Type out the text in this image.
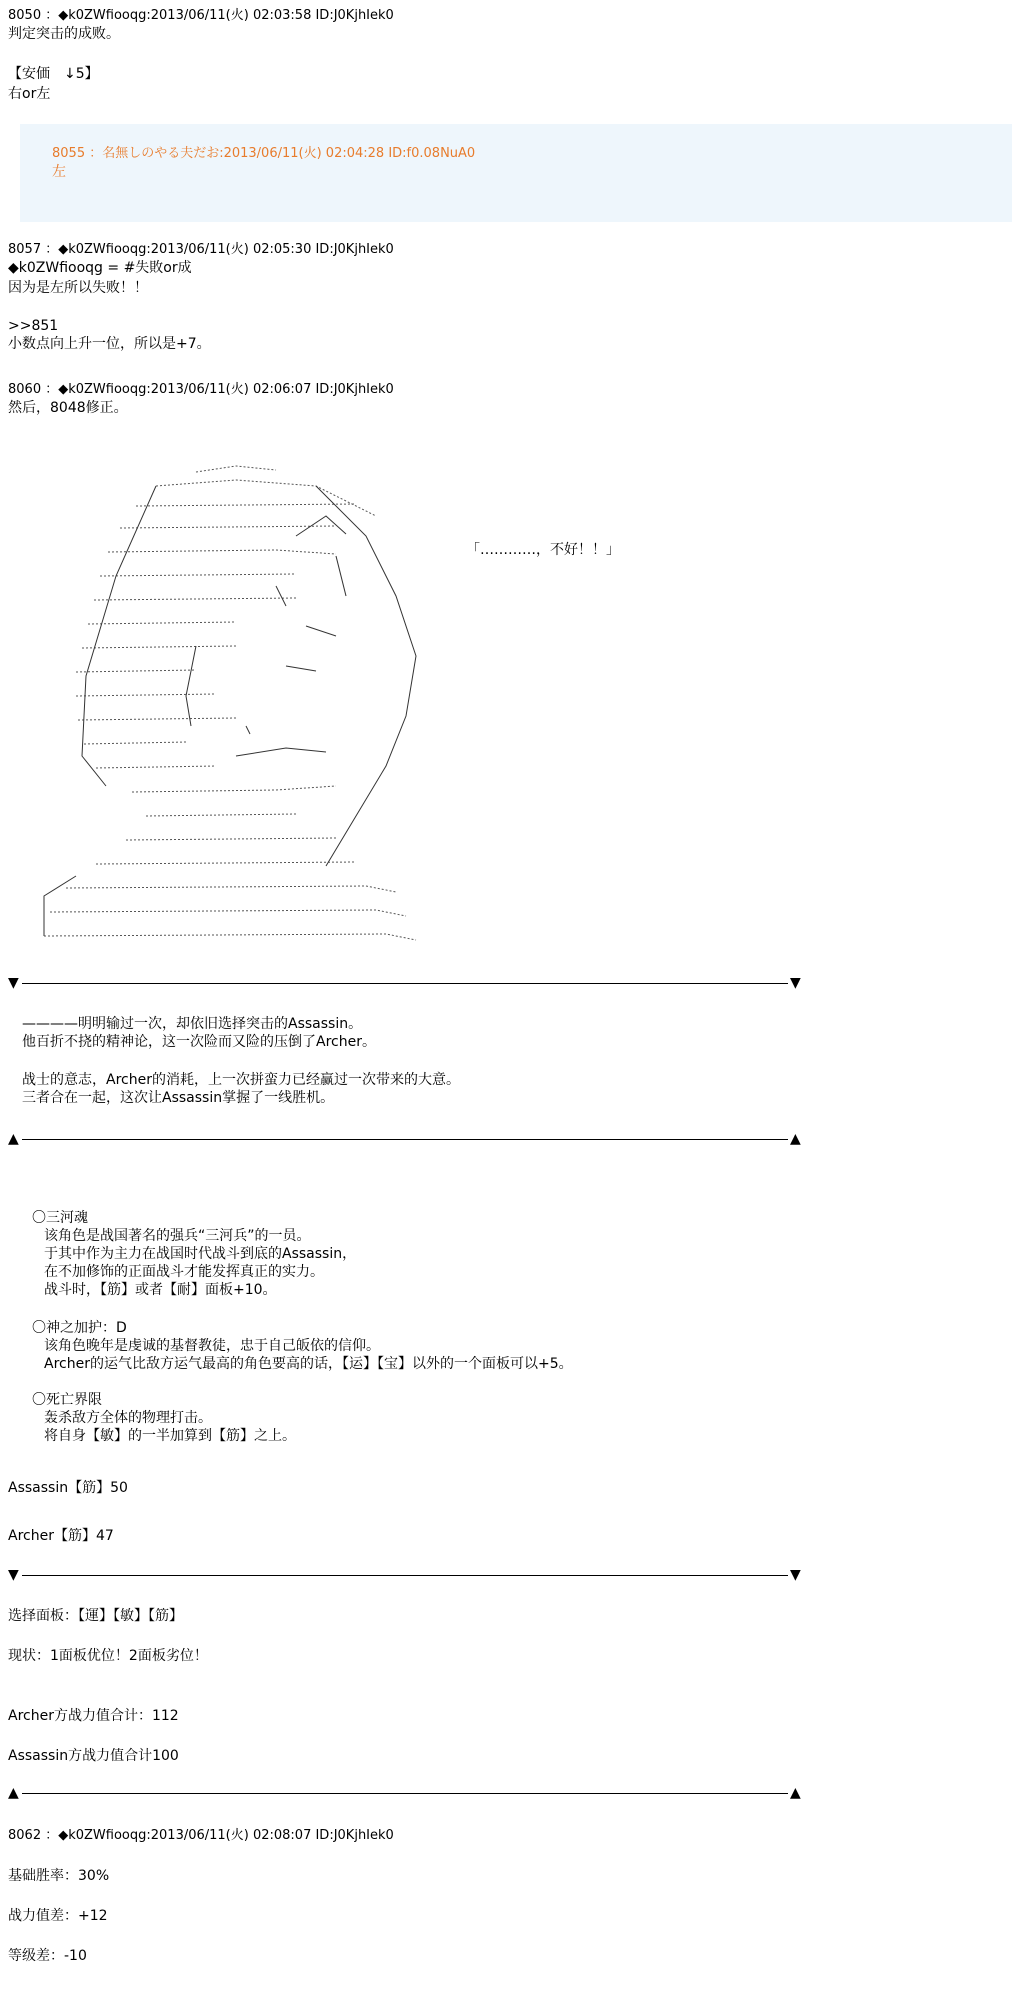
8050 ：◆k0ZWfiooqg:2013/06/11(火) 02:03:58 ID:J0KjhIek0
判定突击的成败。
【安価　↓5】
右or左
8055 ：名無しのやる夫だお:2013/06/11(火) 02:04:28 ID:f0.08NuA0
左
8057 ：◆k0ZWfiooqg:2013/06/11(火) 02:05:30 ID:J0KjhIek0
◆k0ZWfiooqg = #失敗or成
因为是左所以失败！！
>>851
小数点向上升一位，所以是+7。
8060 ：◆k0ZWfiooqg:2013/06/11(火) 02:06:07 ID:J0KjhIek0
然后，8048修正。
「…………，不好！！」
▼	▼
————明明输过一次，却依旧选择突击的Assassin。
他百折不挠的精神论，这一次险而又险的压倒了Archer。
战士的意志，Archer的消耗，上一次拼蛮力已经赢过一次带来的大意。
三者合在一起，这次让Assassin掌握了一线胜机。
▲	▲
〇三河魂
该角色是战国著名的强兵“三河兵”的一员。
于其中作为主力在战国时代战斗到底的Assassin，
在不加修饰的正面战斗才能发挥真正的实力。
战斗时，【筋】或者【耐】面板+10。
〇神之加护：D
该角色晚年是虔诚的基督教徒，忠于自己皈依的信仰。
Archer的运气比敌方运气最高的角色要高的话，【运】【宝】以外的一个面板可以+5。
〇死亡界限
轰杀敌方全体的物理打击。
将自身【敏】的一半加算到【筋】之上。
Assassin【筋】50
Archer【筋】47
▼	▼
选择面板：【運】【敏】【筋】
现状：1面板优位！2面板劣位！
Archer方战力值合计：112
Assassin方战力值合计100
▲	▲
8062 ：◆k0ZWfiooqg:2013/06/11(火) 02:08:07 ID:J0KjhIek0
基础胜率：30%
战力值差：+12
等级差：-10
